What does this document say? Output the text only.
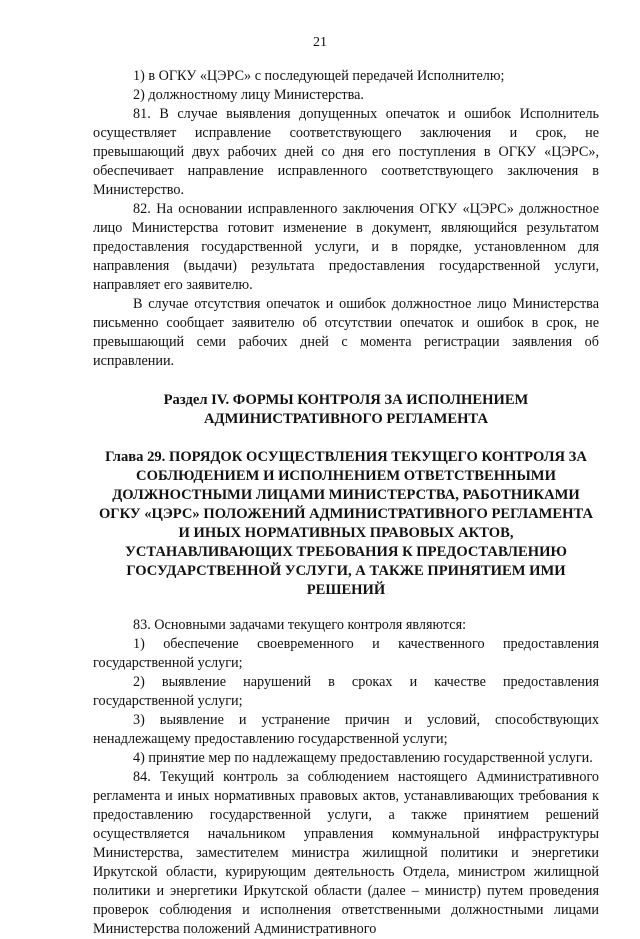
21

1) в ОГКУ «ЦЭРС» с последующей передачей Исполнителю;

2) должностному лицу Министерства.

81. В случае выявления допущенных опечаток и ошибок Исполнитель осуществляет исправление соответствующего заключения и срок, не превышающий двух рабочих дней со дня его поступления в ОГКУ «ЦЭРС», обеспечивает направление исправленного соответствующего заключения в Министерство.

82. На основании исправленного заключения ОГКУ «ЦЭРС» должностное лицо Министерства готовит изменение в документ, являющийся результатом предоставления государственной услуги, и в порядке, установленном для направления (выдачи) результата предоставления государственной услуги, направляет его заявителю.

В случае отсутствия опечаток и ошибок должностное лицо Министерства письменно сообщает заявителю об отсутствии опечаток и ошибок в срок, не превышающий семи рабочих дней с момента регистрации заявления об исправлении.

Раздел IV. ФОРМЫ КОНТРОЛЯ ЗА ИСПОЛНЕНИЕМ АДМИНИСТРАТИВНОГО РЕГЛАМЕНТА

Глава 29. ПОРЯДОК ОСУЩЕСТВЛЕНИЯ ТЕКУЩЕГО КОНТРОЛЯ ЗА СОБЛЮДЕНИЕМ И ИСПОЛНЕНИЕМ ОТВЕТСТВЕННЫМИ ДОЛЖНОСТНЫМИ ЛИЦАМИ МИНИСТЕРСТВА, РАБОТНИКАМИ ОГКУ «ЦЭРС» ПОЛОЖЕНИЙ АДМИНИСТРАТИВНОГО РЕГЛАМЕНТА И ИНЫХ НОРМАТИВНЫХ ПРАВОВЫХ АКТОВ, УСТАНАВЛИВАЮЩИХ ТРЕБОВАНИЯ К ПРЕДОСТАВЛЕНИЮ ГОСУДАРСТВЕННОЙ УСЛУГИ, А ТАКЖЕ ПРИНЯТИЕМ ИМИ РЕШЕНИЙ

83. Основными задачами текущего контроля являются:

1) обеспечение своевременного и качественного предоставления государственной услуги;

2) выявление нарушений в сроках и качестве предоставления государственной услуги;

3) выявление и устранение причин и условий, способствующих ненадлежащему предоставлению государственной услуги;

4) принятие мер по надлежащему предоставлению государственной услуги.

84. Текущий контроль за соблюдением настоящего Административного регламента и иных нормативных правовых актов, устанавливающих требования к предоставлению государственной услуги, а также принятием решений осуществляется начальником управления коммунальной инфраструктуры Министерства, заместителем министра жилищной политики и энергетики Иркутской области, курирующим деятельность Отдела, министром жилищной политики и энергетики Иркутской области (далее – министр) путем проведения проверок соблюдения и исполнения ответственными должностными лицами Министерства положений Административного
